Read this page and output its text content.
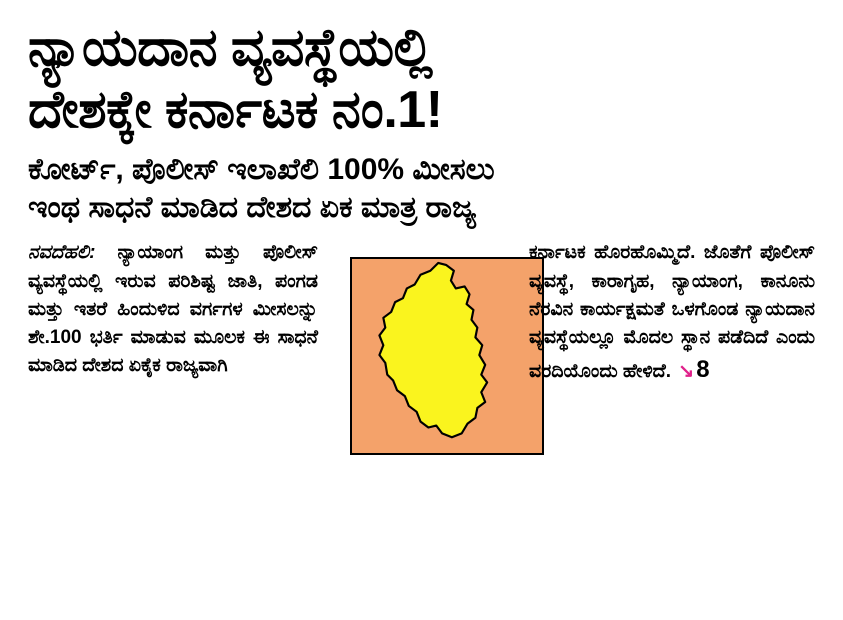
ನ್ಯಾಯದಾನ ವ್ಯವಸ್ಥೆಯಲ್ಲಿ
ದೇಶಕ್ಕೇ ಕರ್ನಾಟಕ ನಂ.1!
ಕೋರ್ಟ್, ಪೊಲೀಸ್ ಇಲಾಖೆಲಿ 100% ಮೀಸಲು
ಇಂಥ ಸಾಧನೆ ಮಾಡಿದ ದೇಶದ ಏಕ ಮಾತ್ರ ರಾಜ್ಯ
ನವದೆಹಲಿ: ನ್ಯಾಯಾಂಗ ಮತ್ತು ಪೊಲೀಸ್ ವ್ಯವಸ್ಥೆಯಲ್ಲಿ ಇರುವ ಪರಿಶಿಷ್ಟ ಜಾತಿ, ಪಂಗಡ ಮತ್ತು ಇತರೆ ಹಿಂದುಳಿದ ವರ್ಗಗಳ ಮೀಸಲನ್ನು ಶೇ.100 ಭರ್ತಿ ಮಾಡುವ ಮೂಲಕ ಈ ಸಾಧನೆ ಮಾಡಿದ ದೇಶದ ಏಕೈಕ ರಾಜ್ಯವಾಗಿ
ಕರ್ನಾಟಕ ಹೊರಹೊಮ್ಮಿದೆ. ಜೊತೆಗೆ ಪೊಲೀಸ್ ವ್ಯವಸ್ಥೆ, ಕಾರಾಗೃಹ, ನ್ಯಾಯಾಂಗ, ಕಾನೂನು ನೆರವಿನ ಕಾರ್ಯಕ್ಷಮತೆ ಒಳಗೊಂಡ ನ್ಯಾಯದಾನ ವ್ಯವಸ್ಥೆಯಲ್ಲೂ ಮೊದಲ ಸ್ಥಾನ ಪಡೆದಿದೆ ಎಂದು ವರದಿಯೊಂದು ಹೇಳಿದೆ. ↘8
